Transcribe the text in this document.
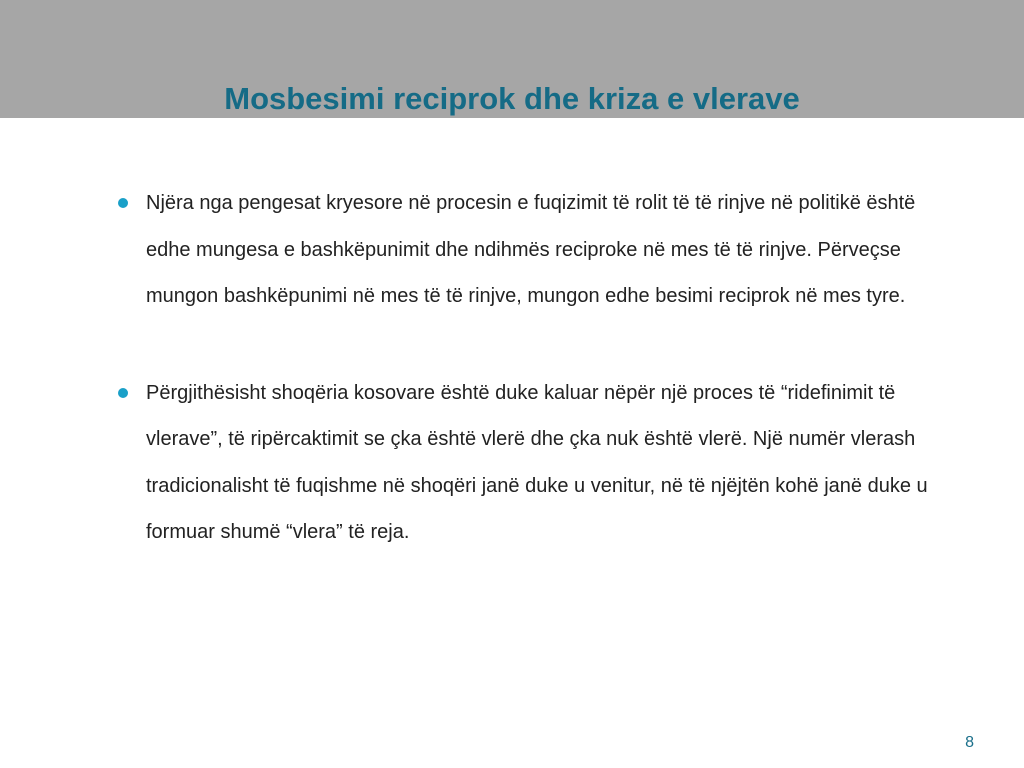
Mosbesimi reciprok dhe kriza e vlerave
Njëra nga pengesat kryesore në procesin e fuqizimit të rolit të të rinjve në politikë është edhe mungesa e bashkëpunimit dhe ndihmës reciproke në mes të të rinjve. Përveçse mungon bashkëpunimi në mes të të rinjve, mungon edhe besimi reciprok në mes tyre.
Përgjithësisht shoqëria kosovare është duke kaluar nëpër një proces të “ridefinimit të vlerave”, të ripërcaktimit se çka është vlerë dhe çka nuk është vlerë. Një numër vlerash tradicionalisht të fuqishme në shoqëri janë duke u venitur, në të njëjtën kohë janë duke u formuar shumë “vlera” të reja.
8
